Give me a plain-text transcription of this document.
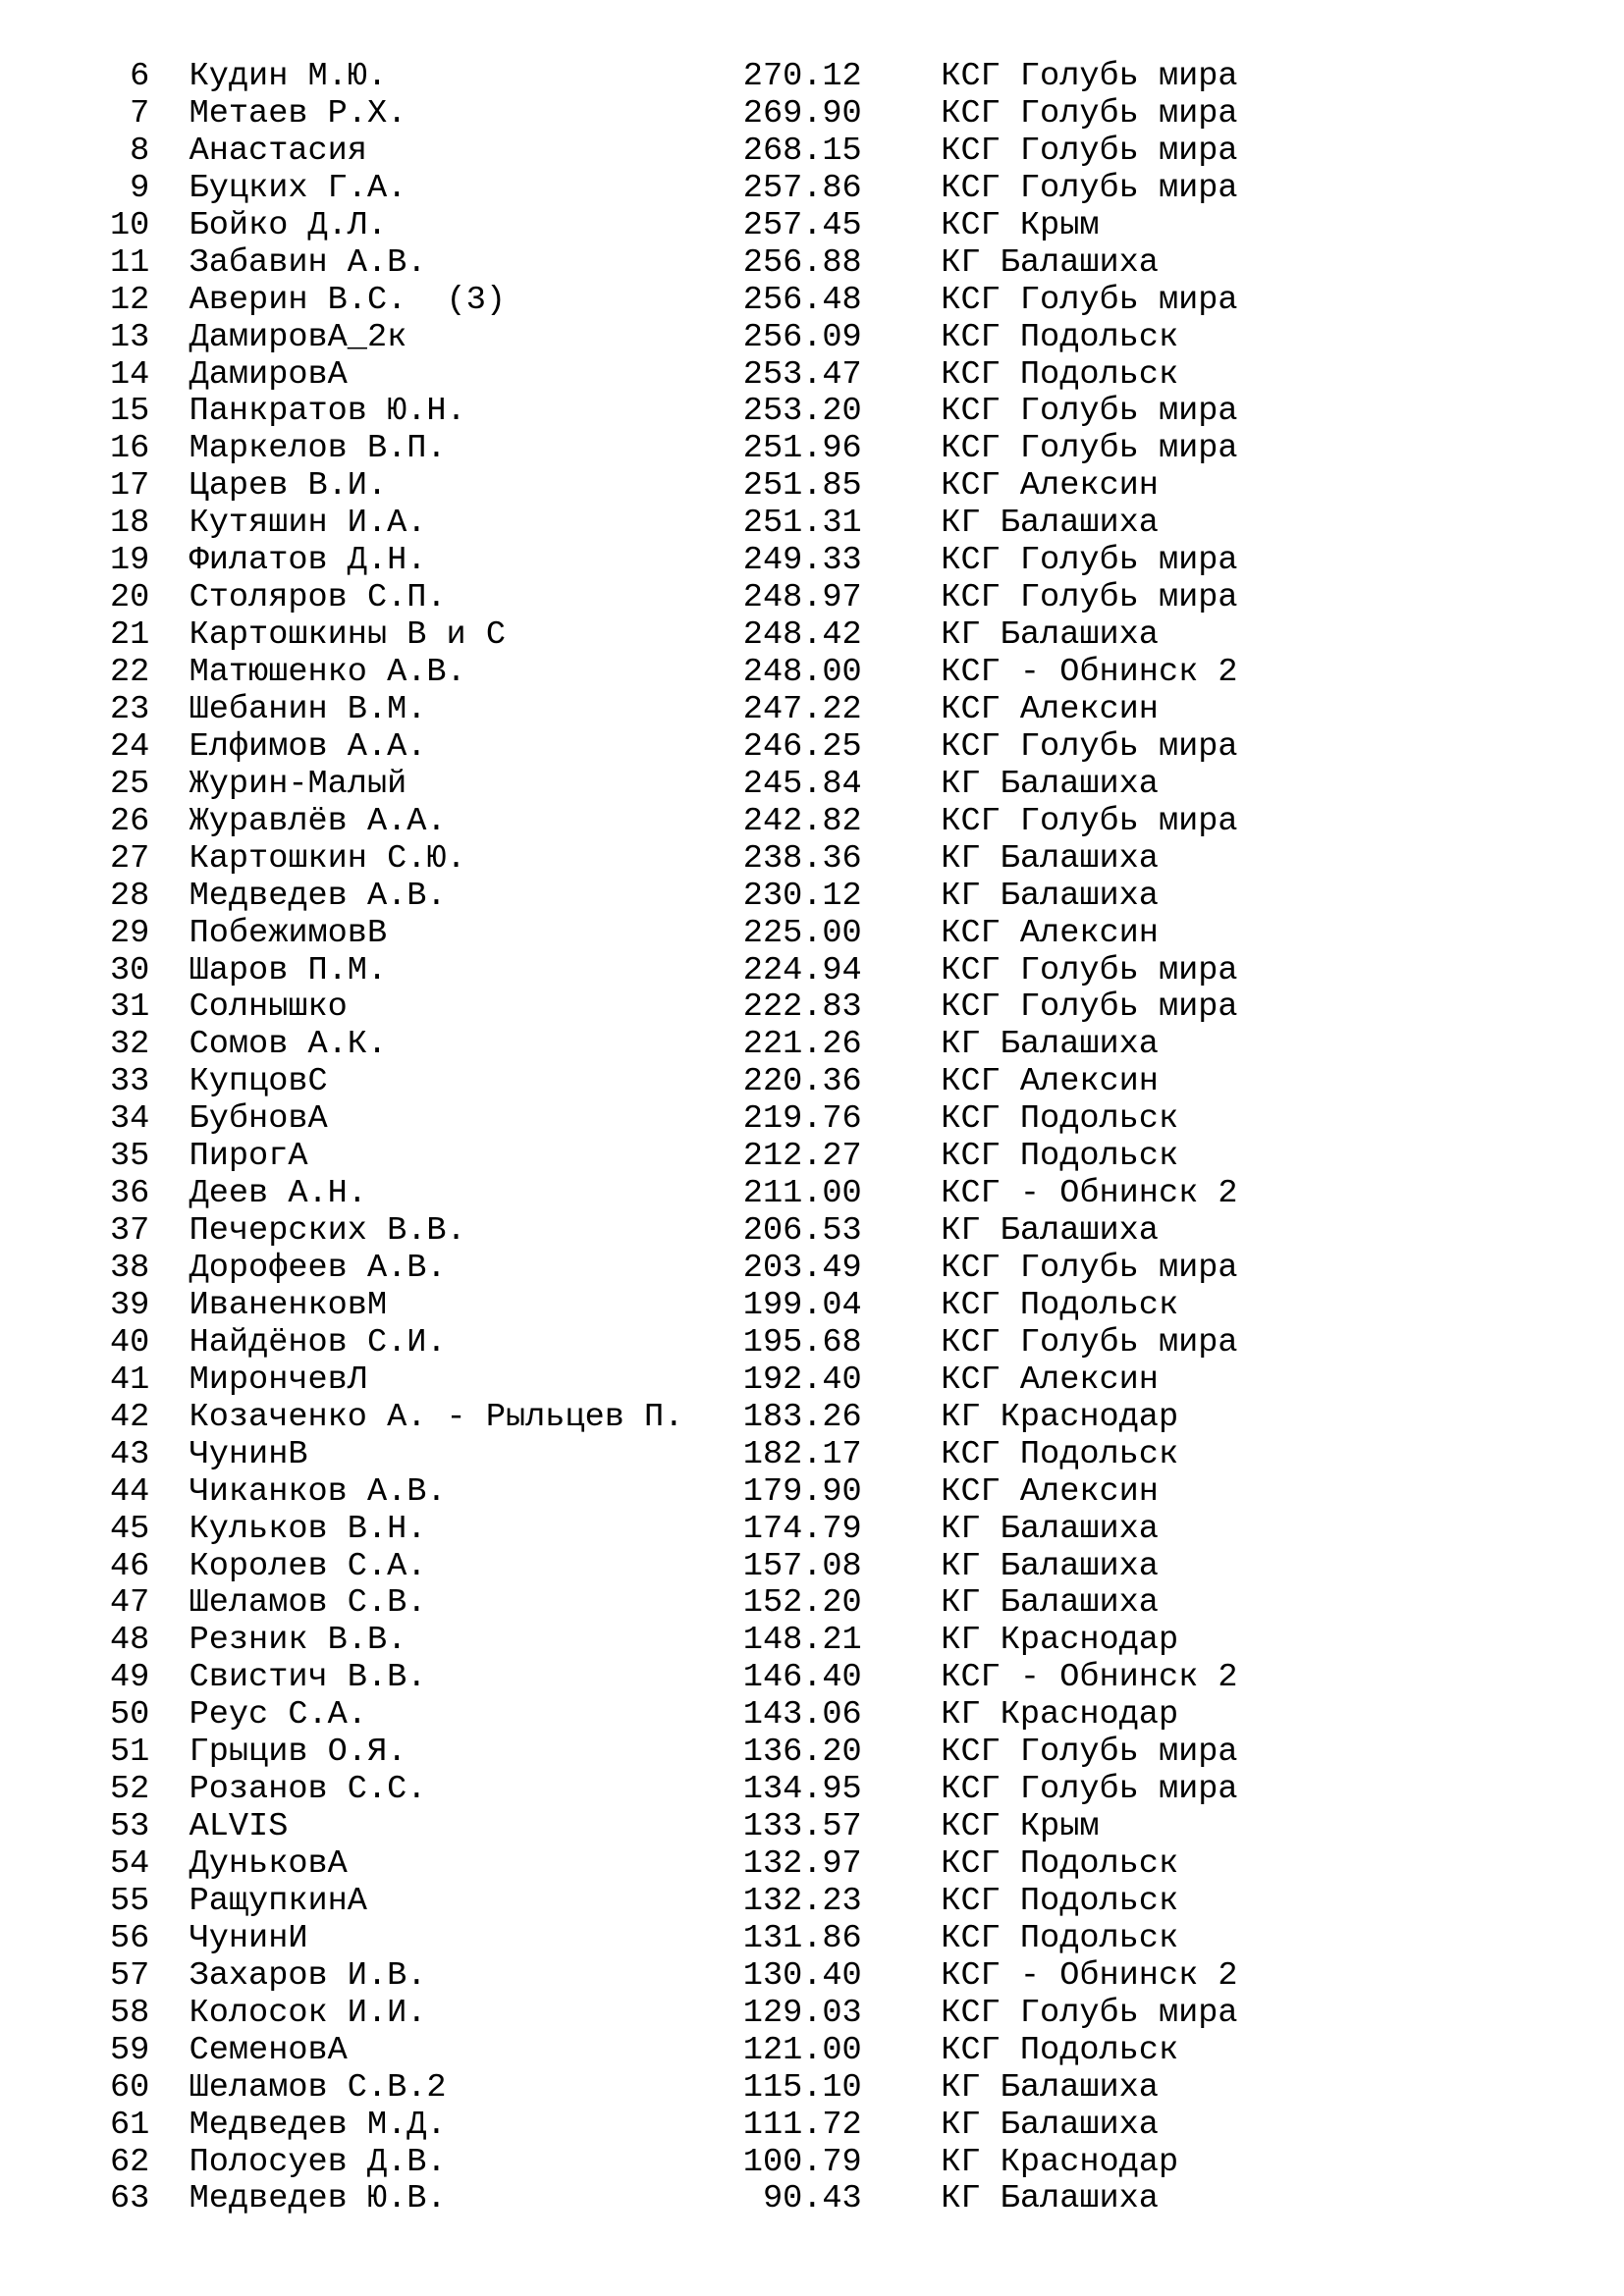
6  Кудин М.Ю.                  270.12    КСГ Голубь мира
7  Метаев Р.Х.                 269.90    КСГ Голубь мира
8  Анастасия                   268.15    КСГ Голубь мира
9  Буцких Г.А.                 257.86    КСГ Голубь мира
10  Бойко Д.Л.                  257.45    КСГ Крым
11  Забавин А.В.                256.88    КГ Балашиха
12  Аверин В.С.  (3)            256.48    КСГ Голубь мира
13  ДамировА_2к                 256.09    КСГ Подольск
14  ДамировА                    253.47    КСГ Подольск
15  Панкратов Ю.Н.              253.20    КСГ Голубь мира
16  Маркелов В.П.               251.96    КСГ Голубь мира
17  Царев В.И.                  251.85    КСГ Алексин
18  Кутяшин И.А.                251.31    КГ Балашиха
19  Филатов Д.Н.                249.33    КСГ Голубь мира
20  Столяров С.П.               248.97    КСГ Голубь мира
21  Картошкины В и С            248.42    КГ Балашиха
22  Матюшенко А.В.              248.00    КСГ - Обнинск 2
23  Шебанин В.М.                247.22    КСГ Алексин
24  Елфимов А.А.                246.25    КСГ Голубь мира
25  Журин-Малый                 245.84    КГ Балашиха
26  Журавлёв А.А.               242.82    КСГ Голубь мира
27  Картошкин С.Ю.              238.36    КГ Балашиха
28  Медведев А.В.               230.12    КГ Балашиха
29  ПобежимовВ                  225.00    КСГ Алексин
30  Шаров П.М.                  224.94    КСГ Голубь мира
31  Солнышко                    222.83    КСГ Голубь мира
32  Сомов А.К.                  221.26    КГ Балашиха
33  КупцовС                     220.36    КСГ Алексин
34  БубновА                     219.76    КСГ Подольск
35  ПирогА                      212.27    КСГ Подольск
36  Деев А.Н.                   211.00    КСГ - Обнинск 2
37  Печерских В.В.              206.53    КГ Балашиха
38  Дорофеев А.В.               203.49    КСГ Голубь мира
39  ИваненковМ                  199.04    КСГ Подольск
40  Найдёнов С.И.               195.68    КСГ Голубь мира
41  МирончевЛ                   192.40    КСГ Алексин
42  Козаченко А. - Рыльцев П.   183.26    КГ Краснодар
43  ЧунинВ                      182.17    КСГ Подольск
44  Чиканков А.В.               179.90    КСГ Алексин
45  Кульков В.Н.                174.79    КГ Балашиха
46  Королев С.А.                157.08    КГ Балашиха
47  Шеламов С.В.                152.20    КГ Балашиха
48  Резник В.В.                 148.21    КГ Краснодар
49  Свистич В.В.                146.40    КСГ - Обнинск 2
50  Реус С.А.                   143.06    КГ Краснодар
51  Грыцив О.Я.                 136.20    КСГ Голубь мира
52  Розанов С.С.                134.95    КСГ Голубь мира
53  ALVIS                       133.57    КСГ Крым
54  ДуньковА                    132.97    КСГ Подольск
55  РащупкинА                   132.23    КСГ Подольск
56  ЧунинИ                      131.86    КСГ Подольск
57  Захаров И.В.                130.40    КСГ - Обнинск 2
58  Колосок И.И.                129.03    КСГ Голубь мира
59  СеменовА                    121.00    КСГ Подольск
60  Шеламов С.В.2               115.10    КГ Балашиха
61  Медведев М.Д.               111.72    КГ Балашиха
62  Полосуев Д.В.               100.79    КГ Краснодар
63  Медведев Ю.В.                90.43    КГ Балашиха
